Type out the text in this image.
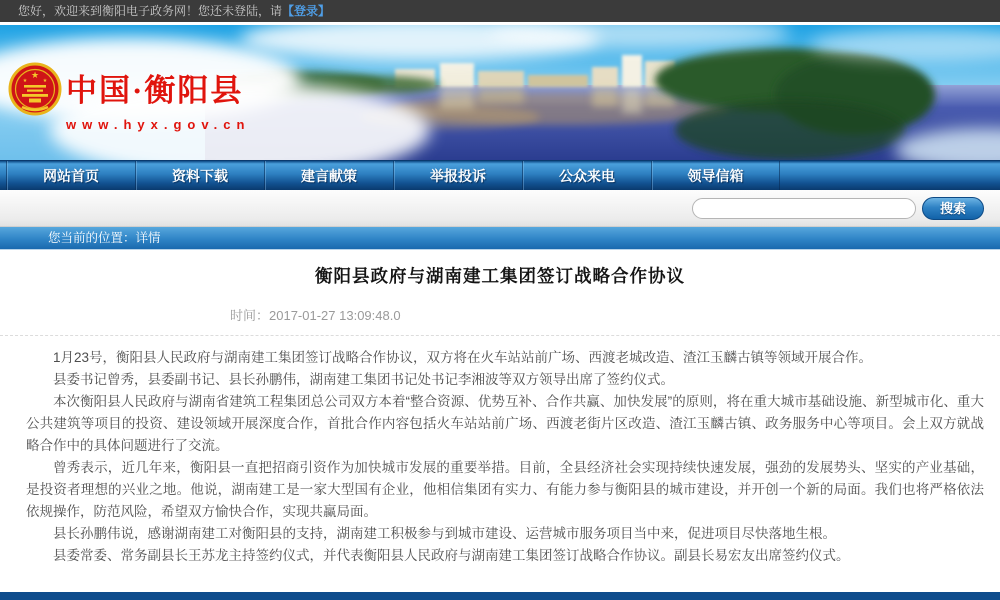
您好，欢迎来到衡阳电子政务网！您还未登陆，请【登录】
★
★	★ 中国·衡阳县
www.hyx.gov.cn
网站首页	资料下载	建言献策	举报投诉	公众来电	领导信箱
搜索
您当前的位置：详情
衡阳县政府与湖南建工集团签订战略合作协议
时间：2017-01-27 13:09:48.0

1月23号，衡阳县人民政府与湖南建工集团签订战略合作协议，双方将在火车站站前广场、西渡老城改造、渣江玉麟古镇等领域开展合作。

县委书记曾秀，县委副书记、县长孙鹏伟，湖南建工集团书记处书记李湘波等双方领导出席了签约仪式。

本次衡阳县人民政府与湖南省建筑工程集团总公司双方本着“整合资源、优势互补、合作共赢、加快发展”的原则，将在重大城市基础设施、新型城市化、重大公共建筑等项目的投资、建设领域开展深度合作，首批合作内容包括火车站站前广场、西渡老街片区改造、渣江玉麟古镇、政务服务中心等项目。会上双方就战略合作中的具体问题进行了交流。

曾秀表示，近几年来，衡阳县一直把招商引资作为加快城市发展的重要举措。目前，全县经济社会实现持续快速发展，强劲的发展势头、坚实的产业基础，是投资者理想的兴业之地。他说，湖南建工是一家大型国有企业，他相信集团有实力、有能力参与衡阳县的城市建设，并开创一个新的局面。我们也将严格依法依规操作，防范风险，希望双方愉快合作，实现共赢局面。

县长孙鹏伟说，感谢湖南建工对衡阳县的支持，湖南建工积极参与到城市建设、运营城市服务项目当中来，促进项目尽快落地生根。

县委常委、常务副县长王苏龙主持签约仪式，并代表衡阳县人民政府与湖南建工集团签订战略合作协议。副县长易宏友出席签约仪式。
